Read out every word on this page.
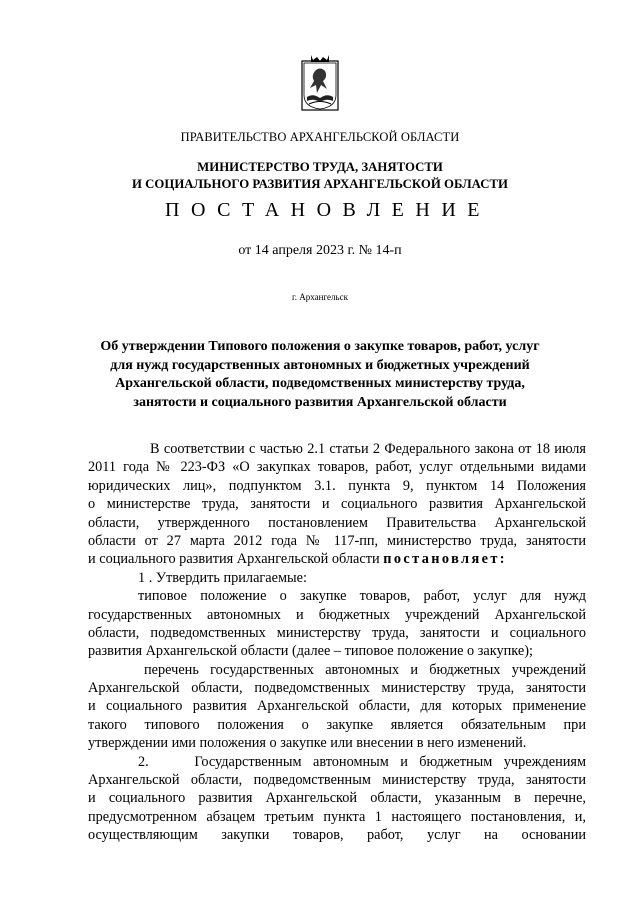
ПРАВИТЕЛЬСТВО АРХАНГЕЛЬСКОЙ ОБЛАСТИ
МИНИСТЕРСТВО ТРУДА, ЗАНЯТОСТИ
И СОЦИАЛЬНОГО РАЗВИТИЯ АРХАНГЕЛЬСКОЙ ОБЛАСТИ
ПОСТАНОВЛЕНИЕ
от 14 апреля 2023 г. № 14-п
г. Архангельск
Об утверждении Типового положения о закупке товаров, работ, услуг
для нужд государственных автономных и бюджетных учреждений
Архангельской области, подведомственных министерству труда,
занятости и социального развития Архангельской области
В соответствии с частью 2.1 статьи 2 Федерального закона от 18 июля
2011 года № 223-ФЗ «О закупках товаров, работ, услуг отдельными видами
юридических лиц», подпунктом 3.1. пункта 9, пунктом 14 Положения
о министерстве труда, занятости и социального развития Архангельской
области, утвержденного постановлением Правительства Архангельской
области от 27 марта 2012 года № 117-пп, министерство труда, занятости
и социального развития Архангельской области постановляет:
1 . Утвердить прилагаемые:
типовое положение о закупке товаров, работ, услуг для нужд
государственных автономных и бюджетных учреждений Архангельской
области, подведомственных министерству труда, занятости и социального
развития Архангельской области (далее – типовое положение о закупке);
перечень государственных автономных и бюджетных учреждений
Архангельской области, подведомственных министерству труда, занятости
и социального развития Архангельской области, для которых применение
такого типового положения о закупке является обязательным при
утверждении ими положения о закупке или внесении в него изменений.
2.    Государственным автономным и бюджетным учреждениям
Архангельской области, подведомственным министерству труда, занятости
и социального развития Архангельской области, указанным в перечне,
предусмотренном абзацем третьим пункта 1 настоящего постановления, и,
осуществляющим закупки товаров, работ, услуг на основании
